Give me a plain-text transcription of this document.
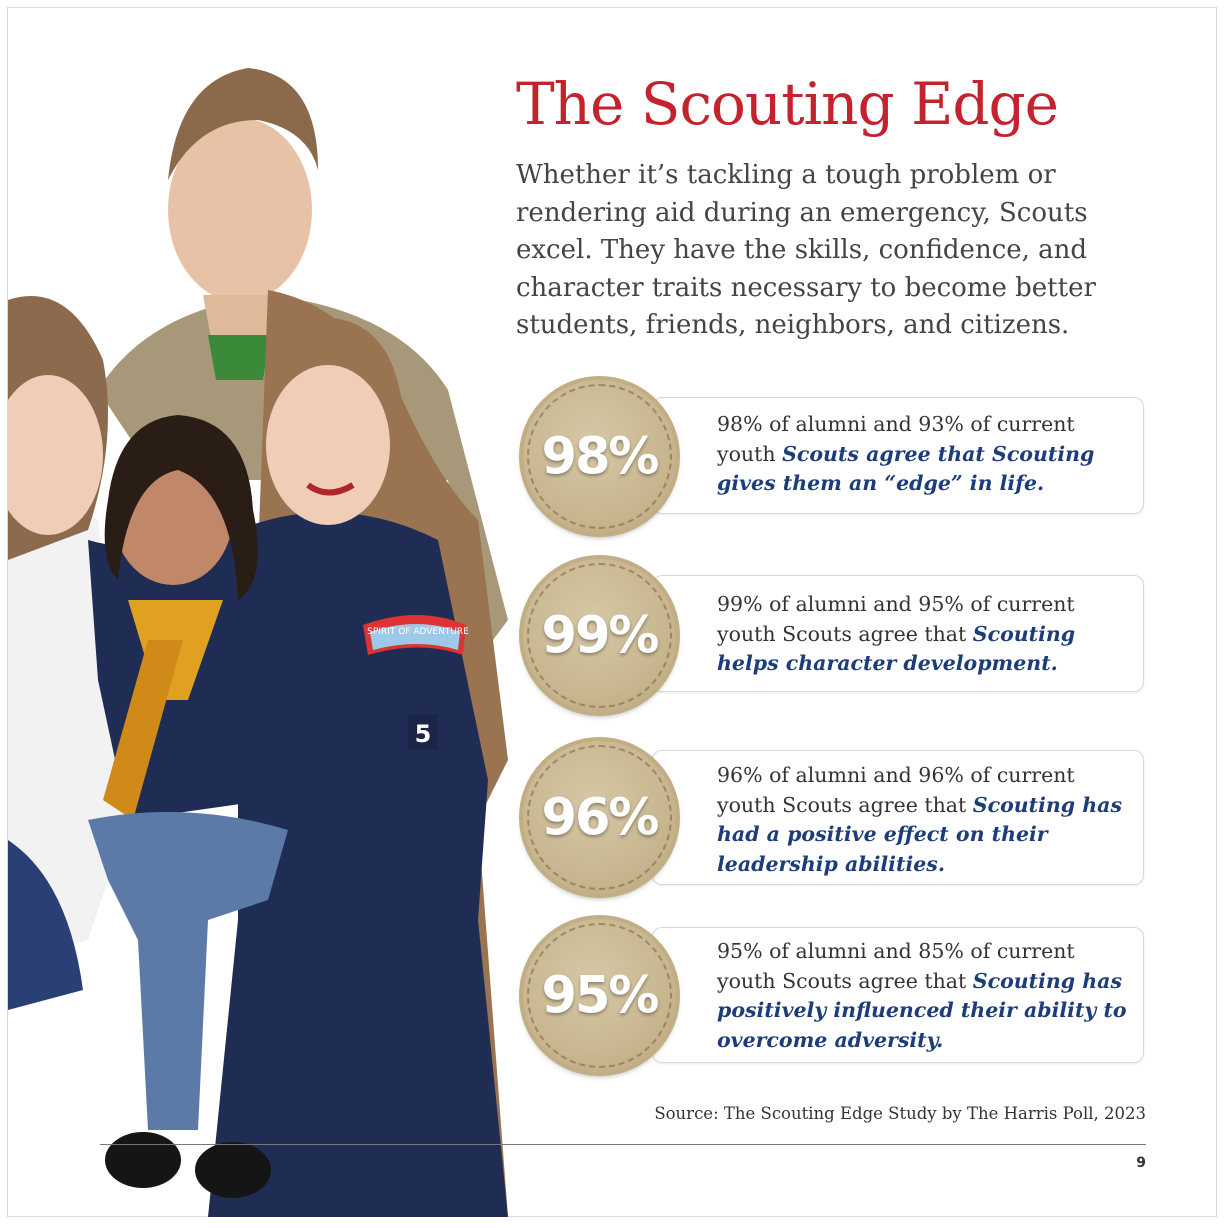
SPIRIT OF ADVENTURE
5
The Scouting Edge
Whether it’s tackling a tough problem or rendering aid during an emergency, Scouts excel. They have the skills, confidence, and character traits necessary to become better students, friends, neighbors, and citizens.
98% of alumni and 93% of current youth Scouts agree that Scouting gives them an “edge” in life.
98%
99% of alumni and 95% of current youth Scouts agree that Scouting helps character development.
99%
96% of alumni and 96% of current youth Scouts agree that Scouting has had a positive effect on their leadership abilities.
96%
95% of alumni and 85% of current youth Scouts agree that Scouting has positively influenced their ability to overcome adversity.
95%
Source: The Scouting Edge Study by The Harris Poll, 2023
9
